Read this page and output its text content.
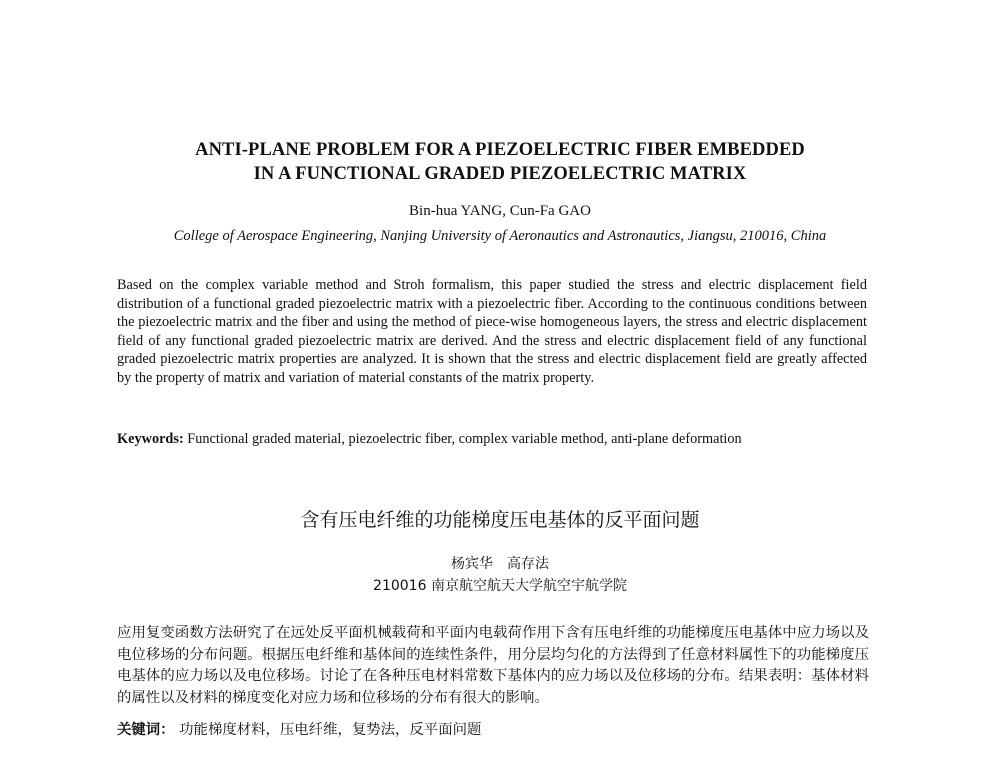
ANTI-PLANE PROBLEM FOR A PIEZOELECTRIC FIBER EMBEDDED
IN A FUNCTIONAL GRADED PIEZOELECTRIC MATRIX
Bin-hua YANG, Cun-Fa GAO
College of Aerospace Engineering, Nanjing University of Aeronautics and Astronautics, Jiangsu, 210016, China
Based on the complex variable method and Stroh formalism, this paper studied the stress and electric displacement field distribution of a functional graded piezoelectric matrix with a piezoelectric fiber. According to the continuous conditions between the piezoelectric matrix and the fiber and using the method of piece-wise homogeneous layers, the stress and electric displacement field of any functional graded piezoelectric matrix are derived. And the stress and electric displacement field of any functional graded piezoelectric matrix properties are analyzed. It is shown that the stress and electric displacement field are greatly affected by the property of matrix and variation of material constants of the matrix property.
Keywords: Functional graded material, piezoelectric fiber, complex variable method, anti-plane deformation
含有压电纤维的功能梯度压电基体的反平面问题
杨宾华　高存法
210016 南京航空航天大学航空宇航学院
应用复变函数方法研究了在远处反平面机械载荷和平面内电载荷作用下含有压电纤维的功能梯度压电基体中应力场以及电位移场的分布问题。根据压电纤维和基体间的连续性条件，用分层均匀化的方法得到了任意材料属性下的功能梯度压电基体的应力场以及电位移场。讨论了在各种压电材料常数下基体内的应力场以及位移场的分布。结果表明：基体材料的属性以及材料的梯度变化对应力场和位移场的分布有很大的影响。
关键词： 功能梯度材料，压电纤维，复势法，反平面问题
